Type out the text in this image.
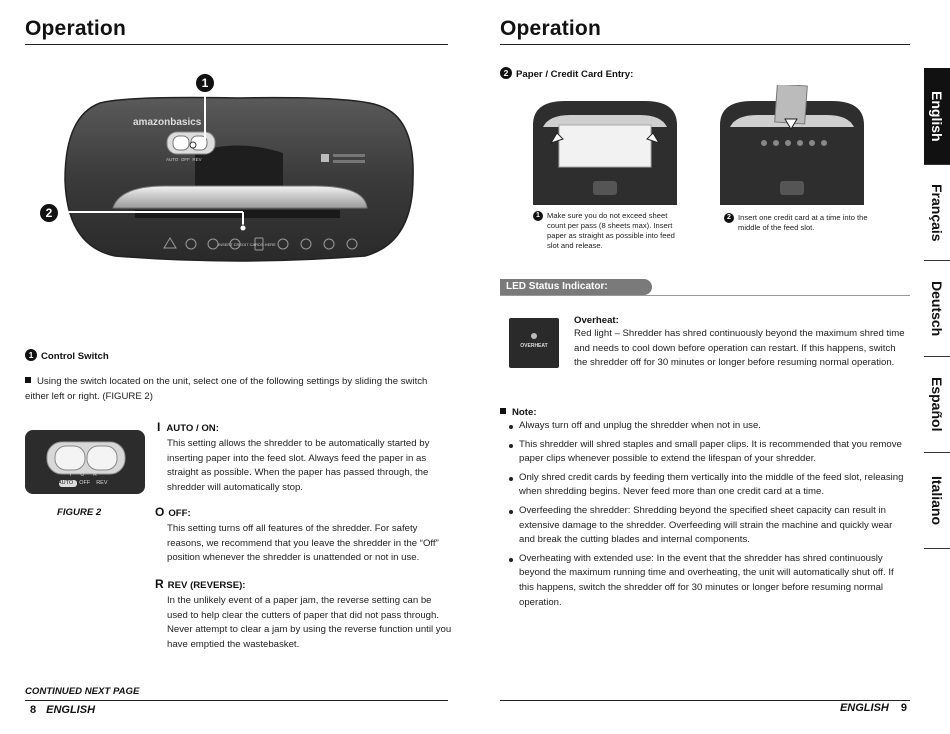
Operation
amazonbasics
AUTO  OFF  REV
INSERT CREDIT CARDS HERE
1
2
1 Control Switch
Using the switch located on the unit, select one of the following settings by sliding the switch either left or right. (FIGURE 2)
AUTO OFF REV
I O R
FIGURE 2
I AUTO / ON:
This setting allows the shredder to be automatically started by inserting paper into the feed slot. Always feed the paper in as straight as possible. When the paper has passed through, the shredder will automatically stop.
O OFF:
This setting turns off all features of the shredder. For safety reasons, we recommend that you leave the shredder in the “Off” position whenever the shredder is unattended or not in use.
R REV (REVERSE):
In the unlikely event of a paper jam, the reverse setting can be used to help clear the cutters of paper that did not pass through. Never attempt to clear a jam by using the reverse function until you have emptied the wastebasket.
CONTINUED NEXT PAGE
8 ENGLISH
Operation
2 Paper / Credit Card Entry:
1 Make sure you do not exceed sheet count per pass (8 sheets max). Insert paper as straight as possible into feed slot and release.
2 Insert one credit card at a time into the middle of the feed slot.
LED Status Indicator:
OVERHEAT
Overheat:
Red light – Shredder has shred continuously beyond the maximum shred time and needs to cool down before operation can restart. If this happens, switch the shredder off for 30 minutes or longer before resuming normal operation.
Note:
Always turn off and unplug the shredder when not in use.
This shredder will shred staples and small paper clips. It is recommended that you remove paper clips whenever possible to extend the lifespan of your shredder.
Only shred credit cards by feeding them vertically into the middle of the feed slot, releasing when shredding begins. Never feed more than one credit card at a time.
Overfeeding the shredder: Shredding beyond the specified sheet capacity can result in extensive damage to the shredder. Overfeeding will strain the machine and quickly wear and break the cutting blades and internal components.
Overheating with extended use: In the event that the shredder has shred continuously beyond the maximum running time and overheating, the unit will automatically shut off. If this happens, switch the shredder off for 30 minutes or longer before resuming normal operation.
ENGLISH 9
English
Français
Deutsch
Español
Italiano
